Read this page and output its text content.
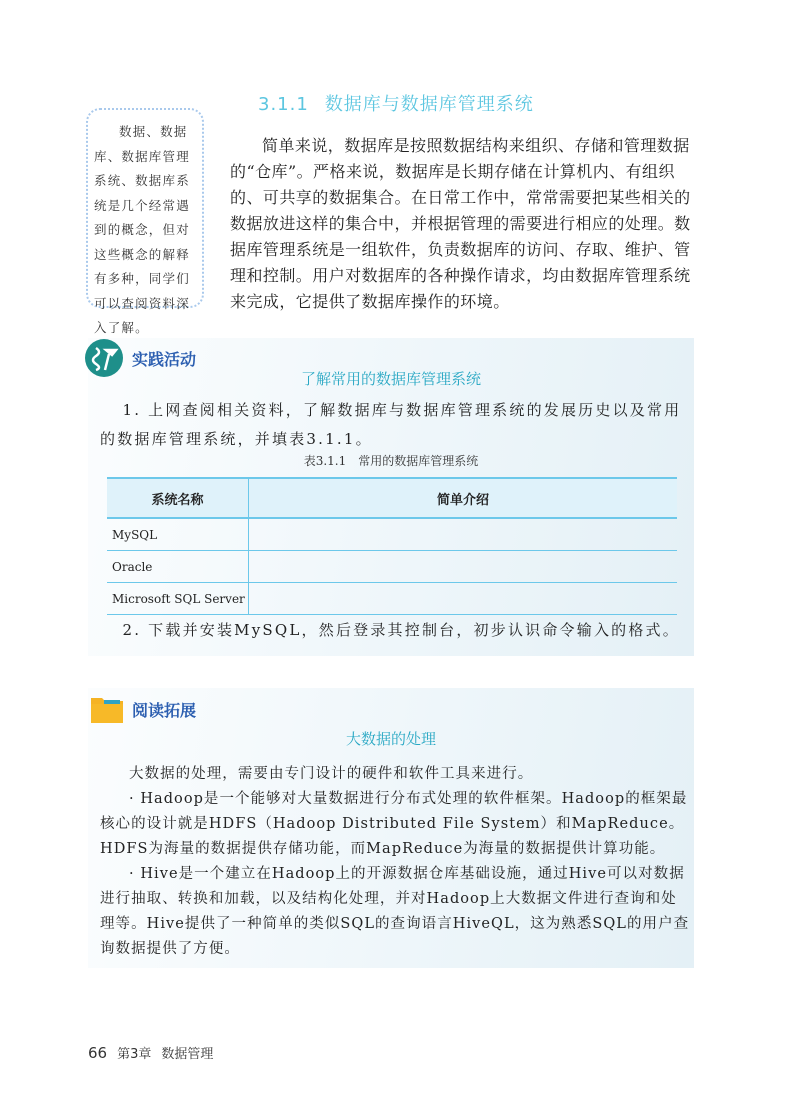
3.1.1 数据库与数据库管理系统
数据、数据库、数据库管理系统、数据库系统是几个经常遇到的概念，但对这些概念的解释有多种，同学们可以查阅资料深入了解。

简单来说，数据库是按照数据结构来组织、存储和管理数据的“仓库”。严格来说，数据库是长期存储在计算机内、有组织的、可共享的数据集合。在日常工作中，常常需要把某些相关的数据放进这样的集合中，并根据管理的需要进行相应的处理。数据库管理系统是一组软件，负责数据库的访问、存取、维护、管理和控制。用户对数据库的各种操作请求，均由数据库管理系统来完成，它提供了数据库操作的环境。

实践活动
了解常用的数据库管理系统

1. 上网查阅相关资料，了解数据库与数据库管理系统的发展历史以及常用的数据库管理系统，并填表3.1.1。

表3.1.1　常用的数据库管理系统
系统名称	简单介绍
MySQL	
Oracle	
Microsoft SQL Server	

2. 下载并安装MySQL，然后登录其控制台，初步认识命令输入的格式。

阅读拓展
大数据的处理

大数据的处理，需要由专门设计的硬件和软件工具来进行。

· Hadoop是一个能够对大量数据进行分布式处理的软件框架。Hadoop的框架最核心的设计就是HDFS（Hadoop Distributed File System）和MapReduce。HDFS为海量的数据提供存储功能，而MapReduce为海量的数据提供计算功能。

· Hive是一个建立在Hadoop上的开源数据仓库基础设施，通过Hive可以对数据进行抽取、转换和加载，以及结构化处理，并对Hadoop上大数据文件进行查询和处理等。Hive提供了一种简单的类似SQL的查询语言HiveQL，这为熟悉SQL的用户查询数据提供了方便。

66 第3章 数据管理
